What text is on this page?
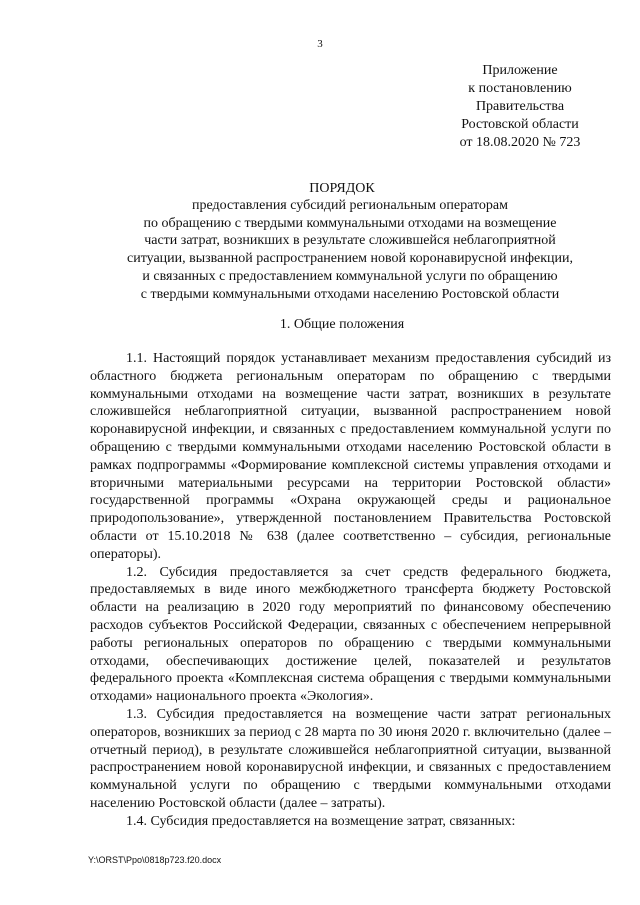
3
Приложение
к постановлению
Правительства
Ростовской области
от 18.08.2020 № 723
ПОРЯДОК
предоставления субсидий региональным операторам
по обращению с твердыми коммунальными отходами на возмещение
части затрат, возникших в результате сложившейся неблагоприятной
ситуации, вызванной распространением новой коронавирусной инфекции,
и связанных с предоставлением коммунальной услуги по обращению
с твердыми коммунальными отходами населению Ростовской области
1. Общие положения

1.1. Настоящий порядок устанавливает механизм предоставления субсидий из областного бюджета региональным операторам по обращению с твердыми коммунальными отходами на возмещение части затрат, возникших в результате сложившейся неблагоприятной ситуации, вызванной распространением новой коронавирусной инфекции, и связанных с предоставлением коммунальной услуги по обращению с твердыми коммунальными отходами населению Ростовской области в рамках подпрограммы «Формирование комплексной системы управления отходами и вторичными материальными ресурсами на территории Ростовской области» государственной программы «Охрана окружающей среды и рациональное природопользование», утвержденной постановлением Правительства Ростовской области от 15.10.2018 № 638 (далее соответственно – субсидия, региональные операторы).

1.2. Субсидия предоставляется за счет средств федерального бюджета, предоставляемых в виде иного межбюджетного трансферта бюджету Ростовской области на реализацию в 2020 году мероприятий по финансовому обеспечению расходов субъектов Российской Федерации, связанных с обеспечением непрерывной работы региональных операторов по обращению с твердыми коммунальными отходами, обеспечивающих достижение целей, показателей и результатов федерального проекта «Комплексная система обращения с твердыми коммунальными отходами» национального проекта «Экология».

1.3. Субсидия предоставляется на возмещение части затрат региональных операторов, возникших за период с 28 марта по 30 июня 2020 г. включительно (далее – отчетный период), в результате сложившейся неблагоприятной ситуации, вызванной распространением новой коронавирусной инфекции, и связанных с предоставлением коммунальной услуги по обращению с твердыми коммунальными отходами населению Ростовской области (далее – затраты).

1.4. Субсидия предоставляется на возмещение затрат, связанных:

Y:\ORST\Ppo\0818p723.f20.docx
